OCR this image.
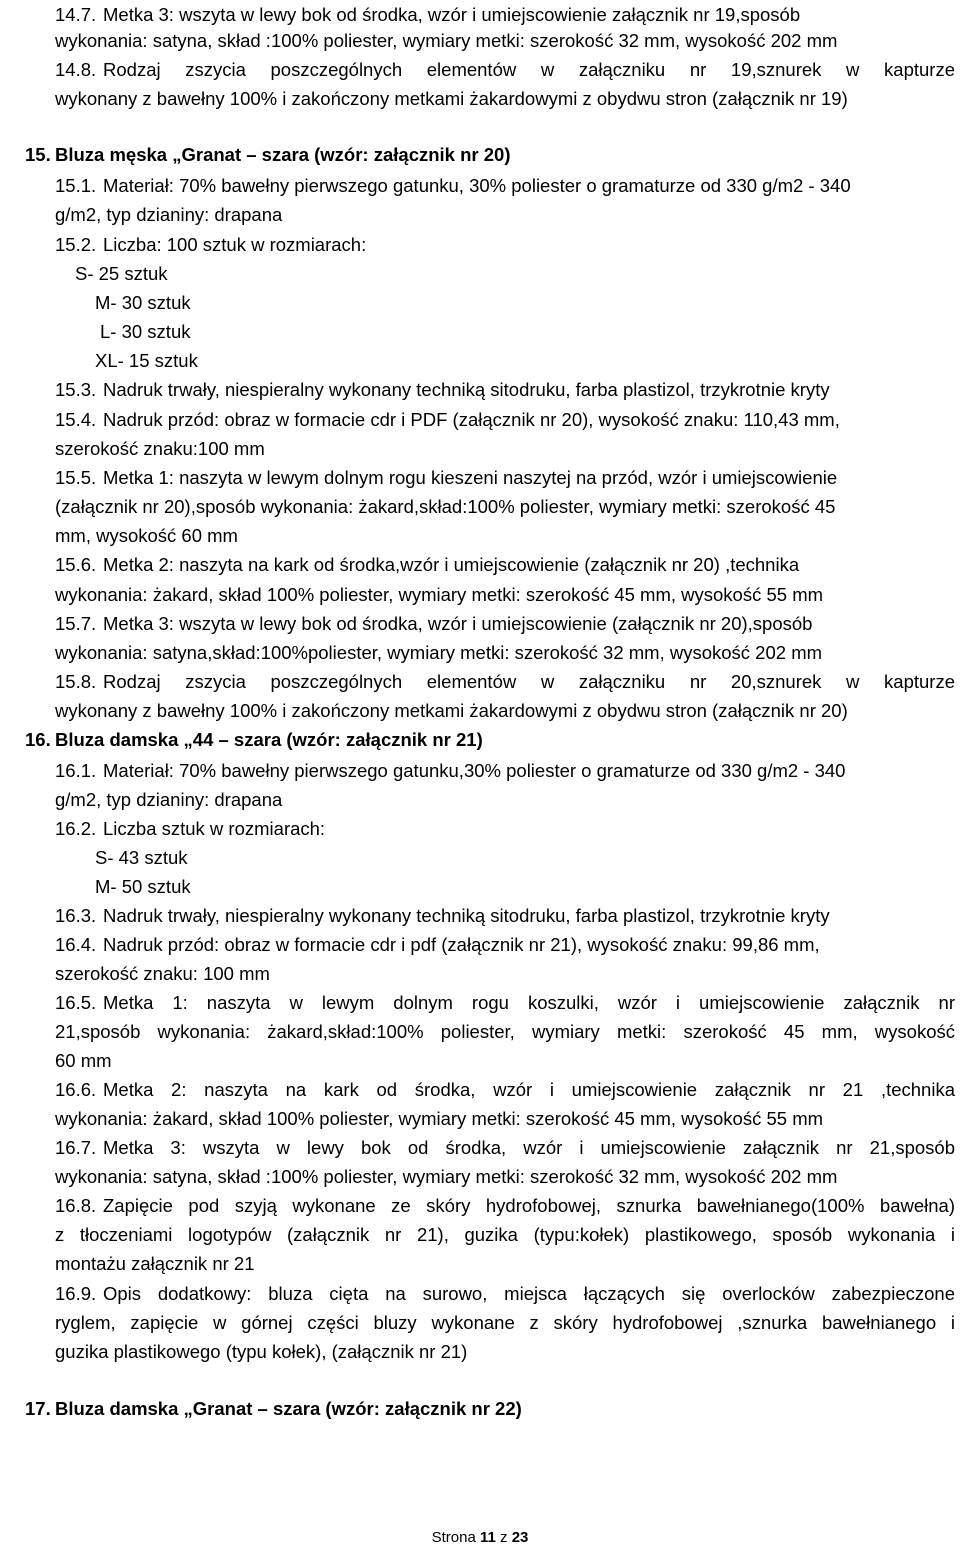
14.7. Metka 3: wszyta w lewy bok od środka, wzór i umiejscowienie załącznik nr 19,sposób
wykonania: satyna, skład :100% poliester, wymiary metki: szerokość 32 mm, wysokość 202 mm
14.8. Rodzaj zszycia poszczególnych elementów w załączniku nr 19,sznurek w kapturze
wykonany z bawełny 100% i zakończony metkami żakardowymi z obydwu stron (załącznik nr 19)
15. Bluza męska „Granat – szara (wzór: załącznik nr 20)
15.1. Materiał: 70% bawełny pierwszego gatunku, 30% poliester o gramaturze od 330 g/m2 - 340
g/m2, typ dzianiny: drapana
15.2. Liczba: 100 sztuk w rozmiarach:
S- 25 sztuk
M- 30 sztuk
L- 30 sztuk
XL- 15 sztuk
15.3. Nadruk trwały, niespieralny wykonany techniką sitodruku, farba plastizol, trzykrotnie kryty
15.4. Nadruk przód: obraz w formacie cdr i PDF (załącznik nr 20), wysokość znaku: 110,43 mm,
szerokość znaku:100 mm
15.5. Metka 1: naszyta w lewym dolnym rogu kieszeni naszytej na przód, wzór i umiejscowienie
(załącznik nr 20),sposób wykonania: żakard,skład:100% poliester, wymiary metki: szerokość 45
mm, wysokość 60 mm
15.6. Metka 2: naszyta na kark od środka,wzór i umiejscowienie (załącznik nr 20) ,technika
wykonania: żakard, skład 100% poliester, wymiary metki: szerokość 45 mm, wysokość 55 mm
15.7. Metka 3: wszyta w lewy bok od środka, wzór i umiejscowienie (załącznik nr 20),sposób
wykonania: satyna,skład:100%poliester, wymiary metki: szerokość 32 mm, wysokość 202 mm
15.8. Rodzaj zszycia poszczególnych elementów w załączniku nr 20,sznurek w kapturze
wykonany z bawełny 100% i zakończony metkami żakardowymi z obydwu stron (załącznik nr 20)
16. Bluza damska „44 – szara (wzór: załącznik nr 21)
16.1. Materiał: 70% bawełny pierwszego gatunku,30% poliester o gramaturze od 330 g/m2 - 340
g/m2, typ dzianiny: drapana
16.2. Liczba sztuk w rozmiarach:
S- 43 sztuk
M- 50 sztuk
16.3. Nadruk trwały, niespieralny wykonany techniką sitodruku, farba plastizol, trzykrotnie kryty
16.4. Nadruk przód: obraz w formacie cdr i pdf (załącznik nr 21), wysokość znaku: 99,86 mm,
szerokość znaku: 100 mm
16.5. Metka 1: naszyta w lewym dolnym rogu koszulki, wzór i umiejscowienie załącznik nr
21,sposób wykonania: żakard,skład:100% poliester, wymiary metki: szerokość 45 mm, wysokość
60 mm
16.6. Metka 2: naszyta na kark od środka, wzór i umiejscowienie załącznik nr 21 ,technika
wykonania: żakard, skład 100% poliester, wymiary metki: szerokość 45 mm, wysokość 55 mm
16.7. Metka 3: wszyta w lewy bok od środka, wzór i umiejscowienie załącznik nr 21,sposób
wykonania: satyna, skład :100% poliester, wymiary metki: szerokość 32 mm, wysokość 202 mm
16.8. Zapięcie pod szyją wykonane ze skóry hydrofobowej, sznurka bawełnianego(100% bawełna)
z tłoczeniami logotypów (załącznik nr 21), guzika (typu:kołek) plastikowego, sposób wykonania i
montażu załącznik nr 21
16.9. Opis dodatkowy: bluza cięta na surowo, miejsca łączących się overlocków zabezpieczone
ryglem, zapięcie w górnej części bluzy wykonane z skóry hydrofobowej ,sznurka bawełnianego i
guzika plastikowego (typu kołek), (załącznik nr 21)
17. Bluza damska „Granat – szara (wzór: załącznik nr 22)
Strona 11 z 23
